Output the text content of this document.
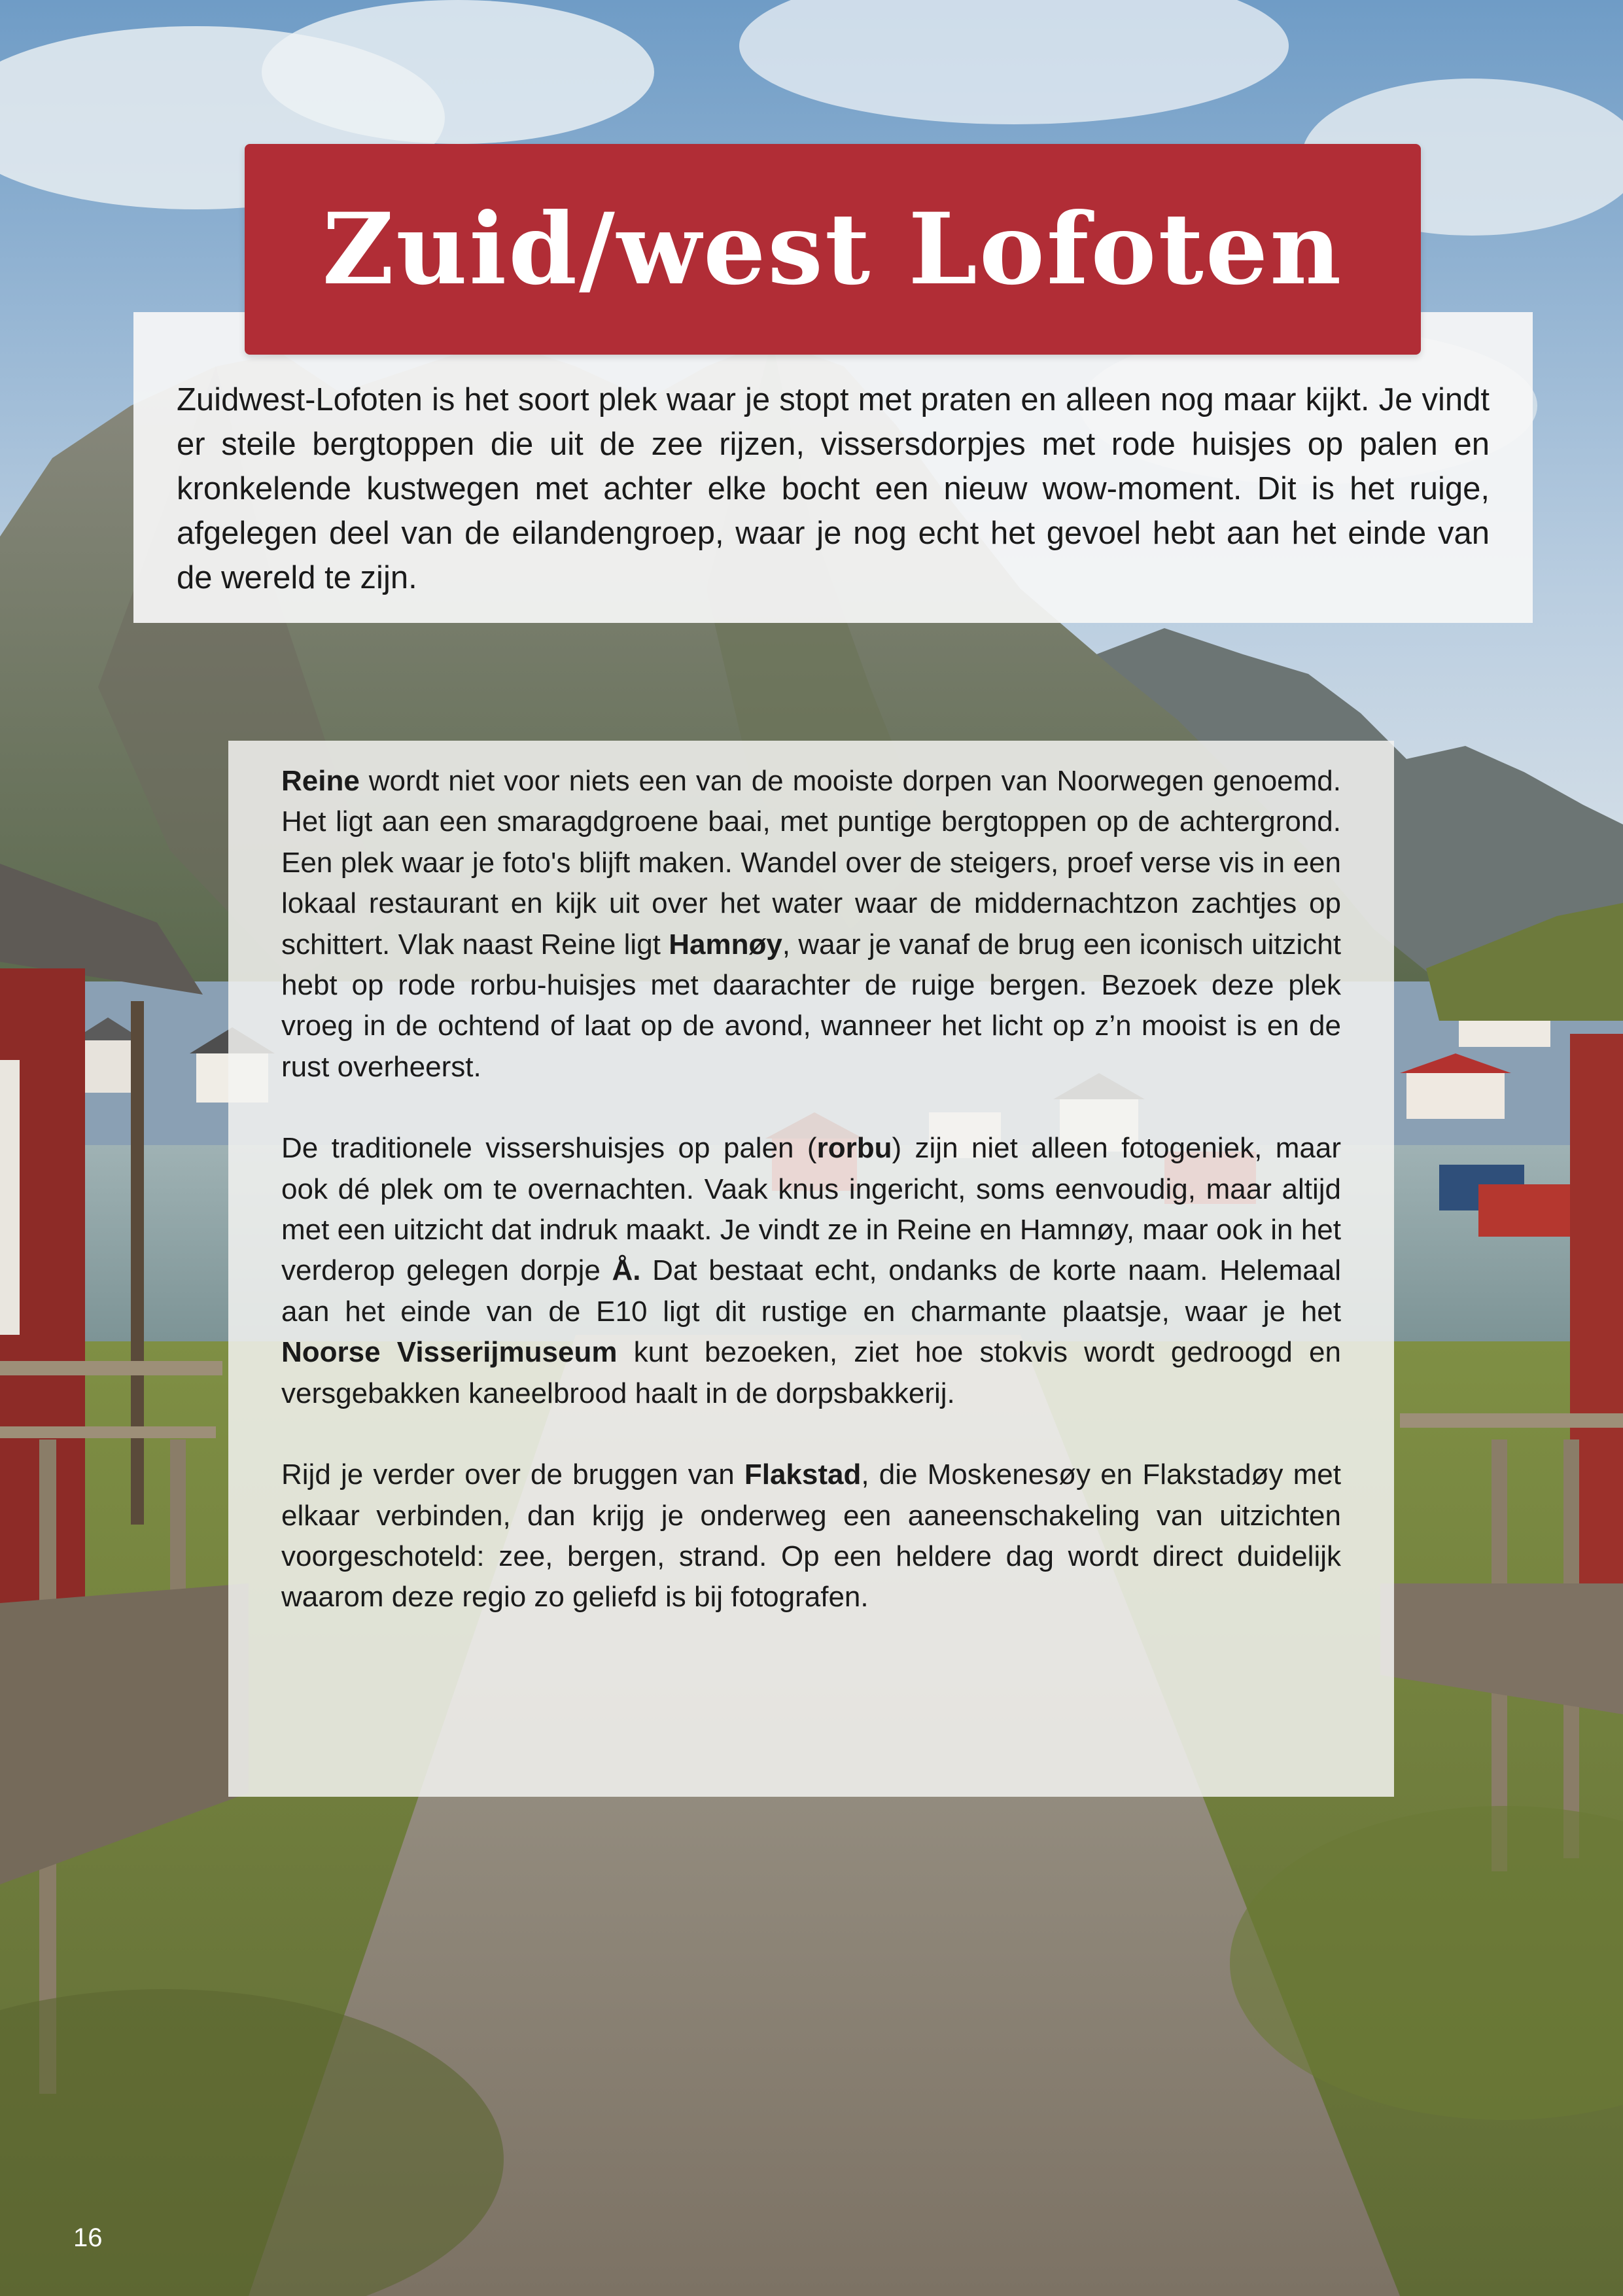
Zuid/west Lofoten

Zuidwest-Lofoten is het soort plek waar je stopt met praten en alleen nog maar kijkt. Je vindt er steile bergtoppen die uit de zee rijzen, vissersdorpjes met rode huisjes op palen en kronkelende kustwegen met achter elke bocht een nieuw wow-moment. Dit is het ruige, afgelegen deel van de eilandengroep, waar je nog echt het gevoel hebt aan het einde van de wereld te zijn.

Reine wordt niet voor niets een van de mooiste dorpen van Noorwegen genoemd. Het ligt aan een smaragdgroene baai, met puntige bergtoppen op de achtergrond. Een plek waar je foto's blijft maken. Wandel over de steigers, proef verse vis in een lokaal restaurant en kijk uit over het water waar de middernachtzon zachtjes op schittert. Vlak naast Reine ligt Hamnøy, waar je vanaf de brug een iconisch uitzicht hebt op rode rorbu-huisjes met daarachter de ruige bergen. Bezoek deze plek vroeg in de ochtend of laat op de avond, wanneer het licht op z’n mooist is en de rust overheerst.

De traditionele vissershuisjes op palen (rorbu) zijn niet alleen fotogeniek, maar ook dé plek om te overnachten. Vaak knus ingericht, soms eenvoudig, maar altijd met een uitzicht dat indruk maakt. Je vindt ze in Reine en Hamnøy, maar ook in het verderop gelegen dorpje Å. Dat bestaat echt, ondanks de korte naam. Helemaal aan het einde van de E10 ligt dit rustige en charmante plaatsje, waar je het Noorse Visserijmuseum kunt bezoeken, ziet hoe stokvis wordt gedroogd en versgebakken kaneelbrood haalt in de dorpsbakkerij.

Rijd je verder over de bruggen van Flakstad, die Moskenesøy en Flakstadøy met elkaar verbinden, dan krijg je onderweg een aaneenschakeling van uitzichten voorgeschoteld: zee, bergen, strand. Op een heldere dag wordt direct duidelijk waarom deze regio zo geliefd is bij fotografen.

16
